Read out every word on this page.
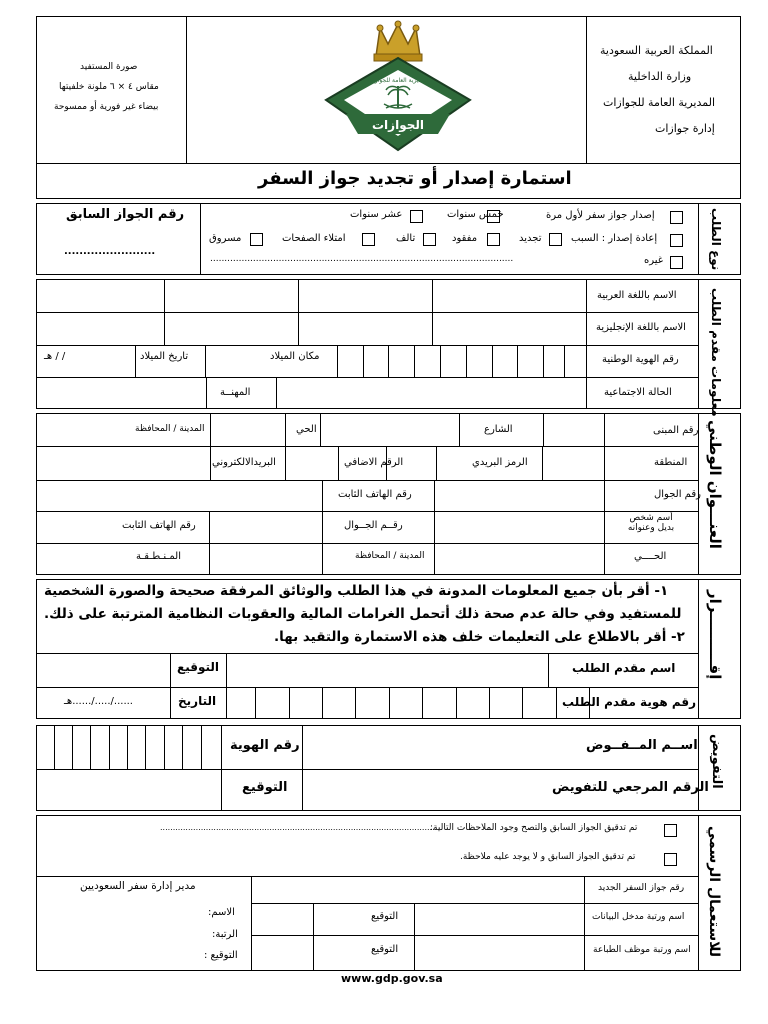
المملكة العربية السعودية
وزارة الداخلية
المديرية العامة للجوازات
إدارة جوازات
صورة المستفيد
مقاس ٤ × ٦ ملونة خلفيتها
بيضاء غير فورية أو ممسوحة
الجوازات
المديرية العامة للجوازات
استمارة إصدار أو تجديد جواز السفر
نوع الطلب
إصدار جواز سفر لأول مرة
خمس سنوات
عشر سنوات
إعادة إصدار : السبب
تجديد
مفقود
تالف
امتلاء الصفحات
مسروق
غيره
..........................................................................................................
رقم الجواز السابق
........................
معلومات مقدم الطلب
الاسم باللغة العربية
الاسم باللغة الإنجليزية
رقم الهوية الوطنية
مكان الميلاد
تاريخ الميلاد
/ / هـ
الحالة الاجتماعية
المهنــة
العنـــوان الوطني
رقم المبنى
الشارع
الحي
المدينة / المحافظة
المنطقة
الرمز البريدي
الرقم الاضافي
البريدالالكتروني
رقم الجوال
رقم الهاتف الثابت
أسم شخص بديل وعنوانه
رقــم الجــوال
رقم الهاتف الثابت
الحــــي
المدينة / المحافظة
المـنـطـقـة
إقــــــــــرار
١- أقر بأن جميع المعلومات المدونة في هذا الطلب والوثائق المرفقة صحيحة والصورة الشخصية
للمستفيد وفي حالة عدم صحة ذلك أتحمل الغرامات المالية والعقوبات النظامية المترتبة على ذلك.
٢- أقر بالاطلاع على التعليمات خلف هذه الاستمارة والتقيد بها.
اسم مقدم الطلب
التوقيع
رقم هوية مقدم الطلب
التاريخ
....../...../......هـ
التفويض
اســم المــفــوض
رقم الهوية
الرقم المرجعي للتفويض
التوقيع
للاستعمال الرسمي
تم تدقيق الجواز السابق والتصح وجود الملاحظات التالية:
.............................................................................................................
تم تدقيق الجواز السابق و لا يوجد عليه ملاحظة.
رقم جواز السفر الجديد
اسم ورتبة مدخل البيانات
اسم ورتبة موظف الطباعة
التوقيع
التوقيع
مدير إدارة سفر السعوديين
الاسم:
الرتبة:
التوقيع :
www.gdp.gov.sa
